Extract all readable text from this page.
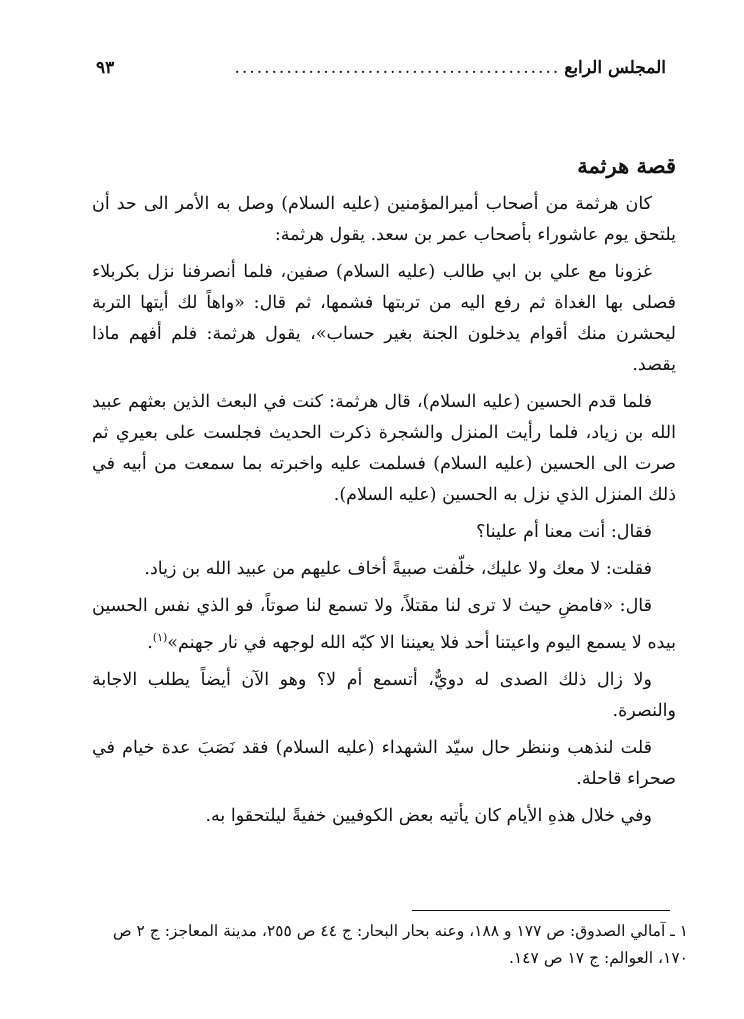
المجلس الرابع
............................................
٩٣

قصة هرثمة

كان هرثمة من أصحاب أميرالمؤمنين (عليه السلام) وصل به الأمر الى حد أن يلتحق يوم عاشوراء بأصحاب عمر بن سعد. يقول هرثمة:

غزونا مع علي بن ابي طالب (عليه السلام) صفين، فلما أنصرفنا نزل بكربلاء فصلى بها الغداة ثم رفع اليه من تربتها فشمها، ثم قال: «واهاً لك أيتها التربة ليحشرن منك أقوام يدخلون الجنة بغير حساب»، يقول هرثمة: فلم أفهم ماذا يقصد.

فلما قدم الحسين (عليه السلام)، قال هرثمة: كنت في البعث الذين بعثهم عبيد الله بن زياد، فلما رأيت المنزل والشجرة ذكرت الحديث فجلست على بعيري ثم صرت الى الحسين (عليه السلام) فسلمت عليه واخبرته بما سمعت من أبيه في ذلك المنزل الذي نزل به الحسين (عليه السلام).

فقال: أنت معنا أم علينا؟

فقلت: لا معك ولا عليك، خلّفت صبيةً أخاف عليهم من عبيد الله بن زياد.

قال: «فامضِ حيث لا ترى لنا مقتلاً، ولا تسمع لنا صوتاً، فو الذي نفس الحسين بيده لا يسمع اليوم واعيتنا أحد فلا يعيننا الا كبّه الله لوجهه في نار جهنم»$^{(١)}$.

ولا زال ذلك الصدى له دويٌّ، أتسمع أم لا؟ وهو الآن أيضاً يطلب الاجابة والنصرة.

قلت لنذهب وننظر حال سيّد الشهداء (عليه السلام) فقد نَصَبَ عدة خيام في صحراء قاحلة.

وفي خلال هذهِ الأيام كان يأتيه بعض الكوفيين خفيةً ليلتحقوا به.

١ ـ آمالي الصدوق: ص ١٧٧ و ١٨٨، وعنه بحار البحار: ج ٤٤ ص ٢٥٥، مدينة المعاجز: ج ٢ ص ١٧٠، العوالم: ج ١٧ ص ١٤٧.
